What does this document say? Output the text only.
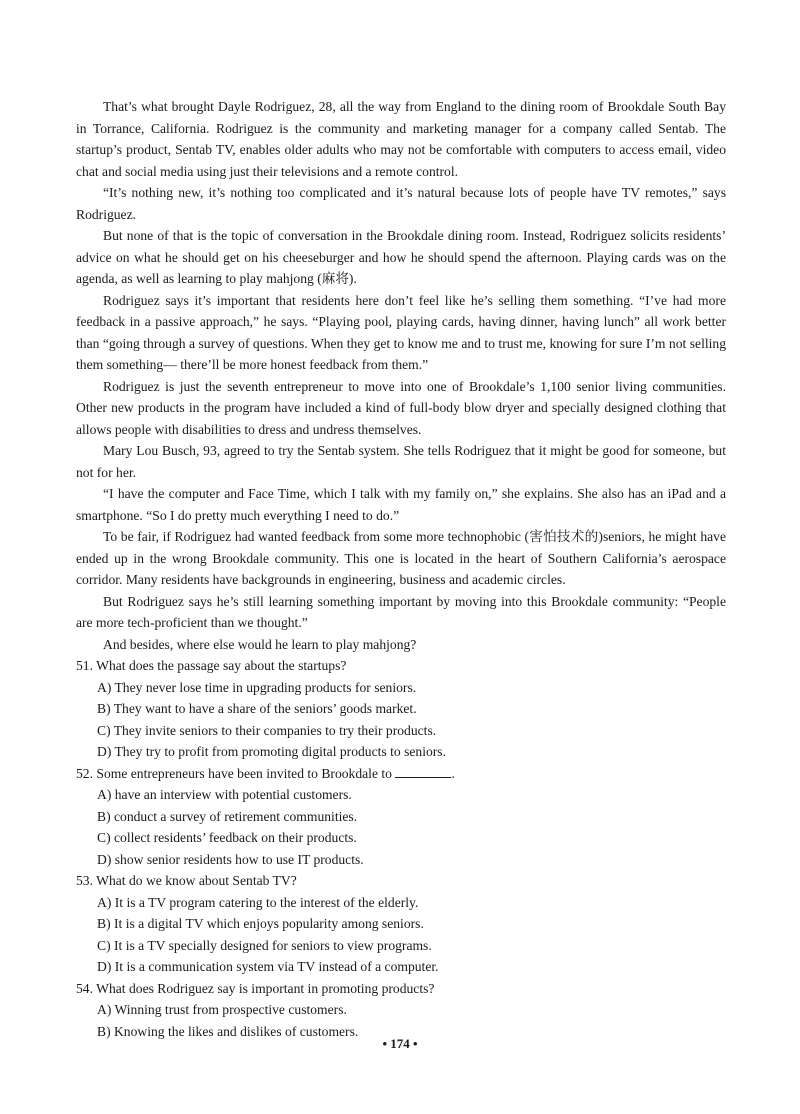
That’s what brought Dayle Rodriguez, 28, all the way from England to the dining room of Brookdale South Bay in Torrance, California. Rodriguez is the community and marketing manager for a company called Sentab. The startup’s product, Sentab TV, enables older adults who may not be comfortable with computers to access email, video chat and social media using just their televisions and a remote control.

“It’s nothing new, it’s nothing too complicated and it’s natural because lots of people have TV remotes,” says Rodriguez.

But none of that is the topic of conversation in the Brookdale dining room. Instead, Rodriguez solicits residents’ advice on what he should get on his cheeseburger and how he should spend the afternoon. Playing cards was on the agenda, as well as learning to play mahjong (麻将).

Rodriguez says it’s important that residents here don’t feel like he’s selling them something. “I’ve had more feedback in a passive approach,” he says. “Playing pool, playing cards, having dinner, having lunch” all work better than “going through a survey of questions. When they get to know me and to trust me, knowing for sure I’m not selling them something— there’ll be more honest feedback from them.”

Rodriguez is just the seventh entrepreneur to move into one of Brookdale’s 1,100 senior living communities. Other new products in the program have included a kind of full-body blow dryer and specially designed clothing that allows people with disabilities to dress and undress themselves.

Mary Lou Busch, 93, agreed to try the Sentab system. She tells Rodriguez that it might be good for someone, but not for her.

“I have the computer and Face Time, which I talk with my family on,” she explains. She also has an iPad and a smartphone. “So I do pretty much everything I need to do.”

To be fair, if Rodriguez had wanted feedback from some more technophobic (害怕技术的)seniors, he might have ended up in the wrong Brookdale community. This one is located in the heart of Southern California’s aerospace corridor. Many residents have backgrounds in engineering, business and academic circles.

But Rodriguez says he’s still learning something important by moving into this Brookdale community: “People are more tech-proficient than we thought.”

And besides, where else would he learn to play mahjong?

51. What does the passage say about the startups?

A) They never lose time in upgrading products for seniors.

B) They want to have a share of the seniors’ goods market.

C) They invite seniors to their companies to try their products.

D) They try to profit from promoting digital products to seniors.

52. Some entrepreneurs have been invited to Brookdale to	.

A) have an interview with potential customers.

B) conduct a survey of retirement communities.

C) collect residents’ feedback on their products.

D) show senior residents how to use IT products.

53. What do we know about Sentab TV?

A) It is a TV program catering to the interest of the elderly.

B) It is a digital TV which enjoys popularity among seniors.

C) It is a TV specially designed for seniors to view programs.

D) It is a communication system via TV instead of a computer.

54. What does Rodriguez say is important in promoting products?

A) Winning trust from prospective customers.

B) Knowing the likes and dislikes of customers.

• 174 •
